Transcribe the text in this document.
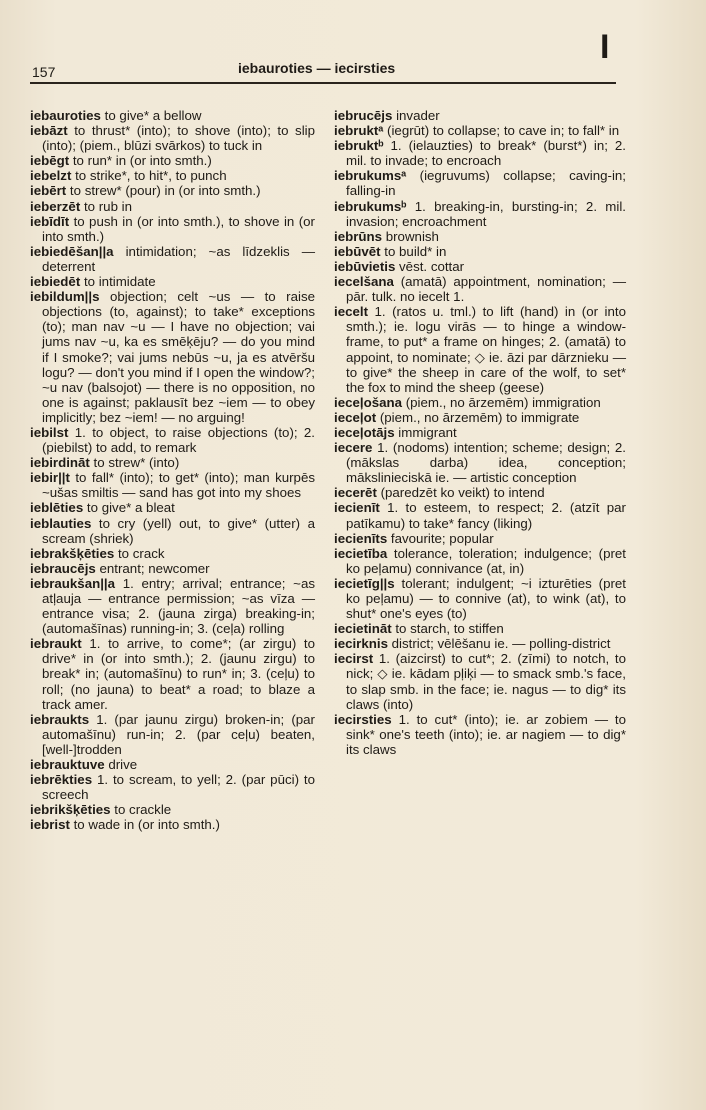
I
157	iebauroties — iecirsties

iebauroties to give* a bellow

iebāzt to thrust* (into); to shove (into); to slip (into); (piem., blūzi svārkos) to tuck in

iebēgt to run* in (or into smth.)

iebelzt to strike*, to hit*, to punch

iebērt to strew* (pour) in (or into smth.)

ieberzēt to rub in

iebīdīt to push in (or into smth.), to shove in (or into smth.)

iebiedēšan||a intimidation; ~as līdzeklis — deterrent

iebiedēt to intimidate

iebildum||s objection; celt ~us — to raise objections (to, against); to take* exceptions (to); man nav ~u — I have no objection; vai jums nav ~u, ka es smēķēju? — do you mind if I smoke?; vai jums nebūs ~u, ja es atvēršu logu? — don't you mind if I open the window?; ~u nav (balsojot) — there is no opposition, no one is against; paklausīt bez ~iem — to obey implicitly; bez ~iem! — no arguing!

iebilst 1. to object, to raise objections (to); 2. (piebilst) to add, to remark

iebirdināt to strew* (into)

iebir||t to fall* (into); to get* (into); man kurpēs ~ušas smiltis — sand has got into my shoes

ieblēties to give* a bleat

ieblauties to cry (yell) out, to give* (utter) a scream (shriek)

iebrakšķēties to crack

iebraucējs entrant; newcomer

iebraukšan||a 1. entry; arrival; entrance; ~as atļauja — entrance permission; ~as vīza — entrance visa; 2. (jauna zirga) breaking-in; (automašīnas) running-in; 3. (ceļa) rolling

iebraukt 1. to arrive, to come*; (ar zirgu) to drive* in (or into smth.); 2. (jaunu zirgu) to break* in; (automašīnu) to run* in; 3. (ceļu) to roll; (no jauna) to beat* a road; to blaze a track amer.

iebraukts 1. (par jaunu zirgu) broken-in; (par automašīnu) run-in; 2. (par ceļu) beaten, [well-]trodden

iebrauktuve drive

iebrēkties 1. to scream, to yell; 2. (par pūci) to screech

iebrikšķēties to crackle

iebrist to wade in (or into smth.)

iebrucējs invader

iebruktᵃ (iegrūt) to collapse; to cave in; to fall* in

iebruktᵇ 1. (ielauzties) to break* (burst*) in; 2. mil. to invade; to encroach

iebrukumsᵃ (iegruvums) collapse; caving-in; falling-in

iebrukumsᵇ 1. breaking-in, bursting-in; 2. mil. invasion; encroachment

iebrūns brownish

iebūvēt to build* in

iebūvietis vēst. cottar

iecelšana (amatā) appointment, nomination; — pār. tulk. no iecelt 1.

iecelt 1. (ratos u. tml.) to lift (hand) in (or into smth.); ie. logu virās — to hinge a window-frame, to put* a frame on hinges; 2. (amatā) to appoint, to nominate; ◇ ie. āzi par dārznieku — to give* the sheep in care of the wolf, to set* the fox to mind the sheep (geese)

ieceļošana (piem., no ārzemēm) immigration

ieceļot (piem., no ārzemēm) to immigrate

ieceļotājs immigrant

iecere 1. (nodoms) intention; scheme; design; 2. (mākslas darba) idea, conception; mākslinieciskā ie. — artistic conception

iecerēt (paredzēt ko veikt) to intend

iecienīt 1. to esteem, to respect; 2. (atzīt par patīkamu) to take* fancy (liking)

iecienīts favourite; popular

iecietība tolerance, toleration; indulgence; (pret ko peļamu) connivance (at, in)

iecietīg||s tolerant; indulgent; ~i izturēties (pret ko peļamu) — to connive (at), to wink (at), to shut* one's eyes (to)

iecietināt to starch, to stiffen

iecirknis district; vēlēšanu ie. — polling-district

iecirst 1. (aizcirst) to cut*; 2. (zīmi) to notch, to nick; ◇ ie. kādam pļiķi — to smack smb.'s face, to slap smb. in the face; ie. nagus — to dig* its claws (into)

iecirsties 1. to cut* (into); ie. ar zobiem — to sink* one's teeth (into); ie. ar nagiem — to dig* its claws
